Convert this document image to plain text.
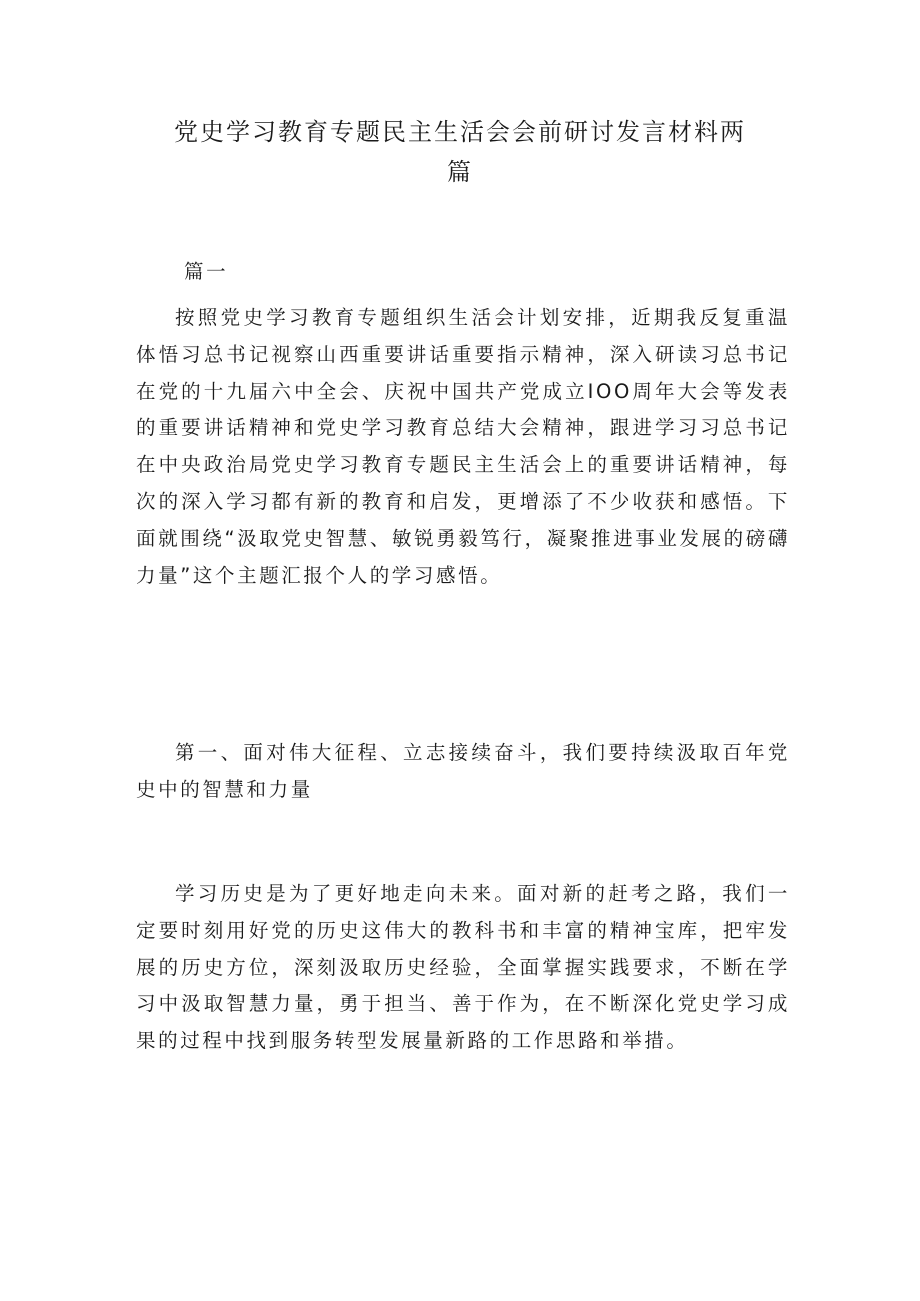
党史学习教育专题民主生活会会前研讨发言材料两
篇

篇一

按照党史学习教育专题组织生活会计划安排，近期我反复重温体悟习总书记视察山西重要讲话重要指示精神，深入研读习总书记在党的十九届六中全会、庆祝中国共产党成立IOO周年大会等发表的重要讲话精神和党史学习教育总结大会精神，跟进学习习总书记在中央政治局党史学习教育专题民主生活会上的重要讲话精神，每次的深入学习都有新的教育和启发，更增添了不少收获和感悟。下面就围绕“汲取党史智慧、敏锐勇毅笃行，凝聚推进事业发展的磅礴力量”这个主题汇报个人的学习感悟。

第一、面对伟大征程、立志接续奋斗，我们要持续汲取百年党史中的智慧和力量

学习历史是为了更好地走向未来。面对新的赶考之路，我们一定要时刻用好党的历史这伟大的教科书和丰富的精神宝库，把牢发展的历史方位，深刻汲取历史经验，全面掌握实践要求，不断在学习中汲取智慧力量，勇于担当、善于作为，在不断深化党史学习成果的过程中找到服务转型发展量新路的工作思路和举措。
